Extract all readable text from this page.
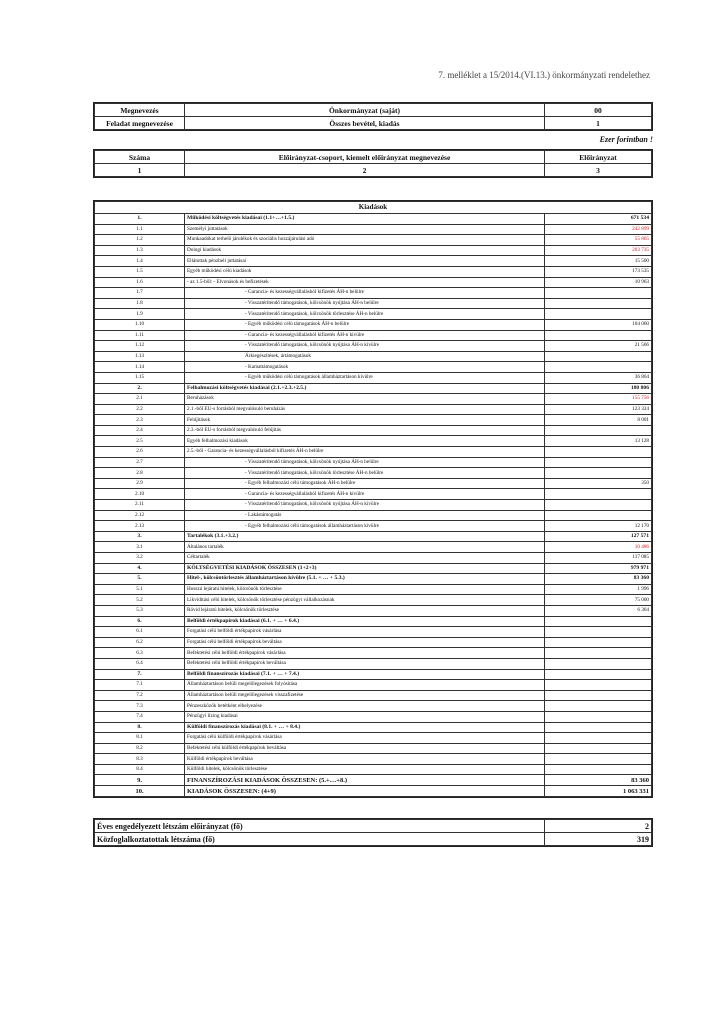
7. melléklet a 15/2014.(VI.13.) önkormányzati rendelethez
Megnevezés	Önkormányzat (saját)	00
Feladat megnevezése	Összes bevétel, kiadás	1
Ezer forintban !
Száma	Előirányzat-csoport, kiemelt előirányzat megnevezése	Előirányzat
1	2	3
Kiadások		
1.	Működési költségvetés kiadásai (1.1+…+1.5.)	671 534
1.1	Személyi juttatások	242 899
1.2	Munkaadókat terhelő járulékok és szociális hozzájárulási adó	55 865
1.3	Dologi kiadások	203 735
1.4	Ellátottak pénzbeli juttatásai	15 500
1.5	Egyéb működési célú kiadások	173 535
1.6	- az 1.5-ből: - Elvonások és befizetések	10 963
1.7	- Garancia- és kezességvállalásból kifizetés ÁH-n belülre	
1.8	- Visszatérítendő támogatások, kölcsönök nyújtása ÁH-n belülre	
1.9	- Visszatérítendő támogatások, kölcsönök törlesztése ÁH-n belülre	
1.10	- Egyéb működési célú támogatások ÁH-n belülre	104 060
1.11	- Garancia- és kezességvállalásból kifizetés ÁH-n kívülre	
1.12	- Visszatérítendő támogatások, kölcsönök nyújtása ÁH-n kívülre	21 566
1.13	Árkiegészítések, ártámogatások	
1.14	- Kamattámogatások	
1.15	- Egyéb működési célú támogatások államháztartáson kívülre	36 864
2.	Felhalmozási költségvetés kiadásai (2.1.+2.3.+2.5.)	180 806
2.1	Beruházások	155 756
2.2	2.1.-ből EU-s forrásból megvalósuló beruházás	123 324
2.3	Felújítások	8 001
2.4	2.3.-ból EU-s forrásból megvalósuló felújítás	
2.5	Egyéb felhalmozási kiadások	13 128
2.6	2.5.-ből - Garancia- és kezességvállalásból kifizetés ÁH-n belülre	
2.7	- Visszatérítendő támogatások, kölcsönök nyújtása ÁH-n belülre	
2.8	- Visszatérítendő támogatások, kölcsönök törlesztése ÁH-n belülre	
2.9	- Egyéb felhalmozási célú támogatások ÁH-n belülre	350
2.10	- Garancia- és kezességvállalásból kifizetés ÁH-n kívülre	
2.11	- Visszatérítendő támogatások, kölcsönök nyújtása ÁH-n kívülre	
2.12	- Lakástámogatás	
2.13	- Egyéb felhalmozási célú támogatások államháztartáson kívülre	12 170
3.	Tartalékok (3.1.+3.2.)	127 571
3.1	Általános tartalék	10 486
3.2	Céltartalék	117 085
4.	KÖLTSÉGVETÉSI KIADÁSOK ÖSSZESEN (1+2+3)	979 971
5.	Hitel-, kölcsöntörlesztés államháztartáson kívülre (5.1. + … + 5.3.)	83 360
5.1	Hosszú lejáratú hitelek, kölcsönök törlesztése	1 996
5.2	Likviditási célú hitelek, kölcsönök törlesztése pénzügyi vállalkozásnak	75 000
5.3	Rövid lejáratú hitelek, kölcsönök törlesztése	6 364
6.	Belföldi értékpapírok kiadásai (6.1. + … + 6.4.)	
6.1	Forgatási célú belföldi értékpapírok vásárlása	
6.2	Forgatási célú belföldi értékpapírok beváltása	
6.3	Befektetési célú belföldi értékpapírok vásárlása	
6.4	Befektetési célú belföldi értékpapírok beváltása	
7.	Belföldi finanszírozás kiadásai (7.1. + … + 7.4.)	
7.1	Államháztartáson belüli megelőlegezések folyósítása	
7.2	Államháztartáson belüli megelőlegezések visszafizetése	
7.3	Pénzeszközök betétként elhelyezése	
7.4	Pénzügyi lízing kiadásai	
8.	Külföldi finanszírozás kiadásai (8.1. + … + 8.4.)	
8.1	Forgatási célú külföldi értékpapírok vásárlása	
8.2	Befektetési célú külföldi értékpapírok beváltása	
8.3	Külföldi értékpapírok beváltása	
8.4	Külföldi hitelek, kölcsönök törlesztése	
9.	FINANSZÍROZÁSI KIADÁSOK ÖSSZESEN: (5.+…+8.)	83 360
10.	KIADÁSOK ÖSSZESEN: (4+9)	1 063 331
Éves engedélyezett létszám előirányzat (fő)	2
Közfoglalkoztatottak létszáma (fő)	319
